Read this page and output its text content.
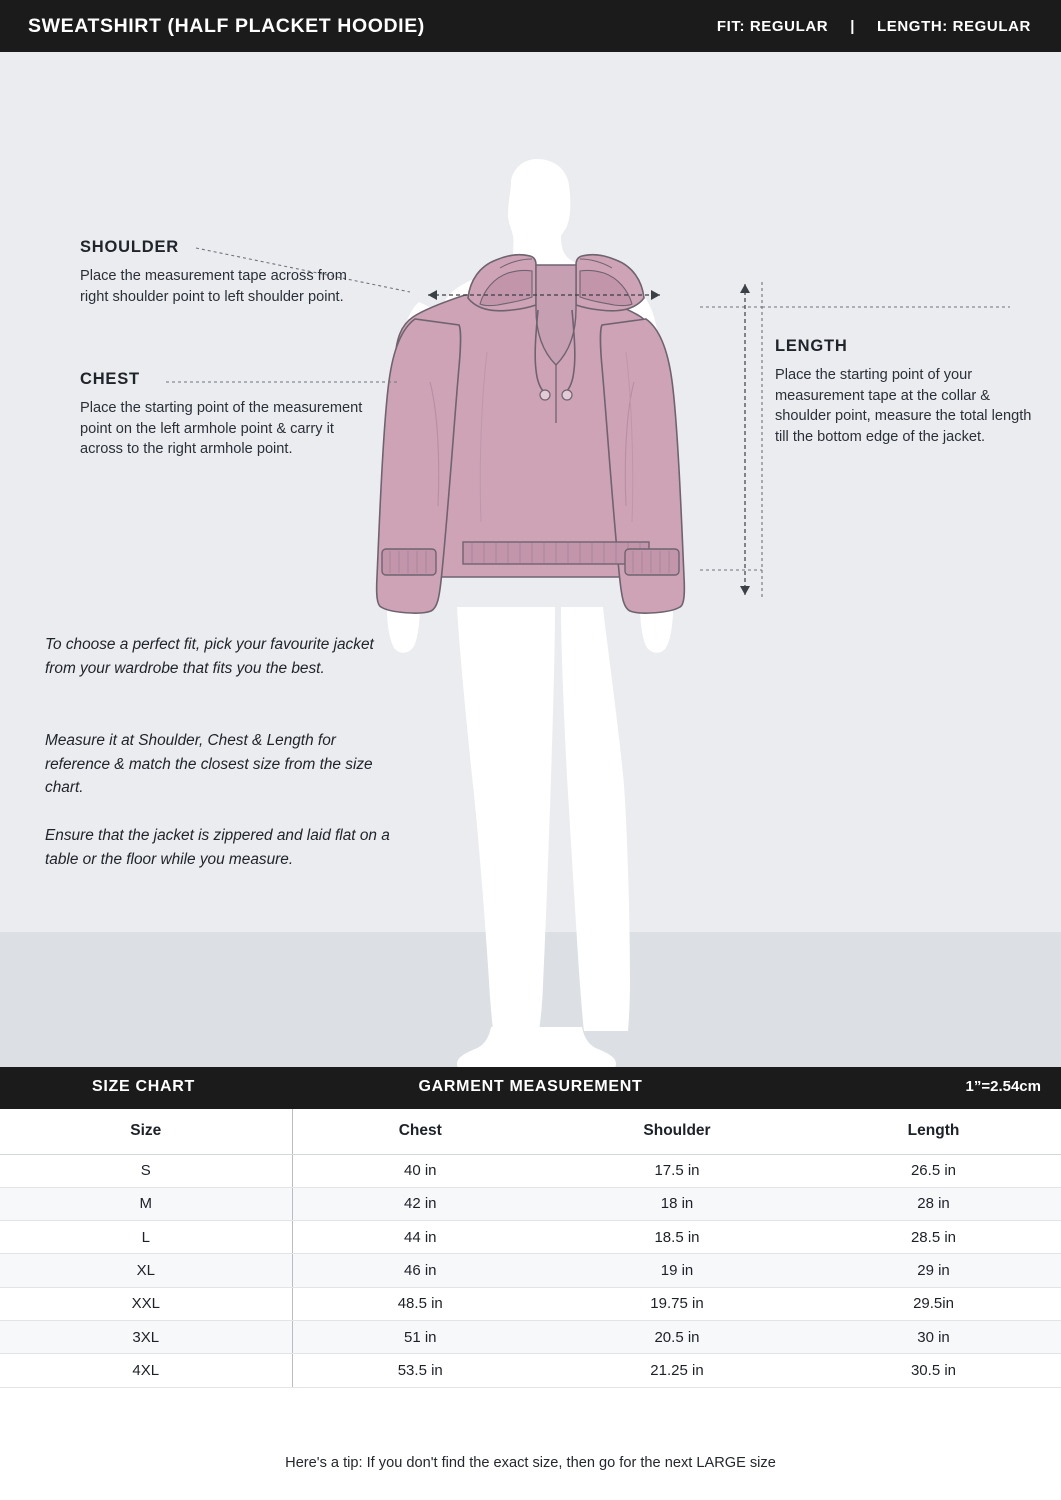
SWEATSHIRT (HALF PLACKET HOODIE)	FIT: REGULAR	|	LENGTH: REGULAR
SHOULDER
Place the measurement tape across from right shoulder point to left shoulder point.
CHEST
Place the starting point of the measurement point on the left armhole point & carry it across to the right armhole point.
LENGTH
Place the starting point of your measurement tape at the collar & shoulder point, measure the total length till the bottom edge of the jacket.
To choose a perfect fit, pick your favourite jacket from your wardrobe that fits you the best.
Measure it at Shoulder, Chest & Length for reference & match the closest size from the size chart.
Ensure that the jacket is zippered and laid flat on a table or the floor while you measure.
SIZE CHART	GARMENT MEASUREMENT	1”=2.54cm
Size	Chest	Shoulder	Length
S	40 in	17.5 in	26.5 in
M	42 in	18 in	28 in
L	44 in	18.5 in	28.5 in
XL	46 in	19 in	29 in
XXL	48.5 in	19.75 in	29.5in
3XL	51 in	20.5 in	30 in
4XL	53.5 in	21.25 in	30.5 in
Here's a tip: If you don't find the exact size, then go for the next LARGE size
